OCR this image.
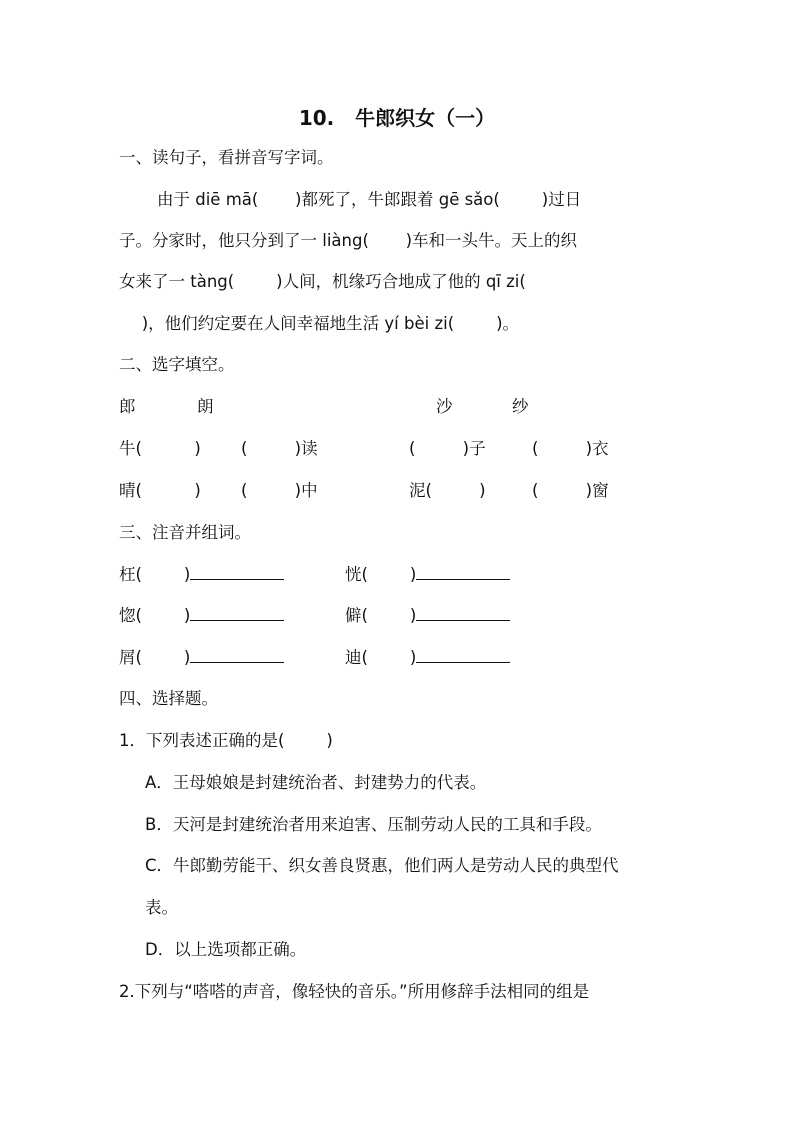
10.   牛郎织女（一）
一、读句子，看拼音写字词。
由于 diē mā(       )都死了，牛郎跟着 gē sǎo(        )过日
子。分家时，他只分到了一 liàng(       )车和一头牛。天上的织
女来了一 tàng(        )人间，机缘巧合地成了他的 qī zi(
)，他们约定要在人间幸福地生活 yí bèi zi(        )。
二、选字填空。
郎	朗	沙	纱
牛(          ) (         )读	(         )子	(         )衣
晴(          ) (         )中	泥(         )	(         )窗
三、注音并组词。
枉(        )	恍(        )
惚(        )	僻(        )
屑(        )	迪(        )
四、选择题。
1．下列表述正确的是(        )
A．王母娘娘是封建统治者、封建势力的代表。
B．天河是封建统治者用来迫害、压制劳动人民的工具和手段。
C．牛郎勤劳能干、织女善良贤惠，他们两人是劳动人民的典型代
表。
D．以上选项都正确。
2.下列与“嗒嗒的声音，像轻快的音乐。”所用修辞手法相同的组是
